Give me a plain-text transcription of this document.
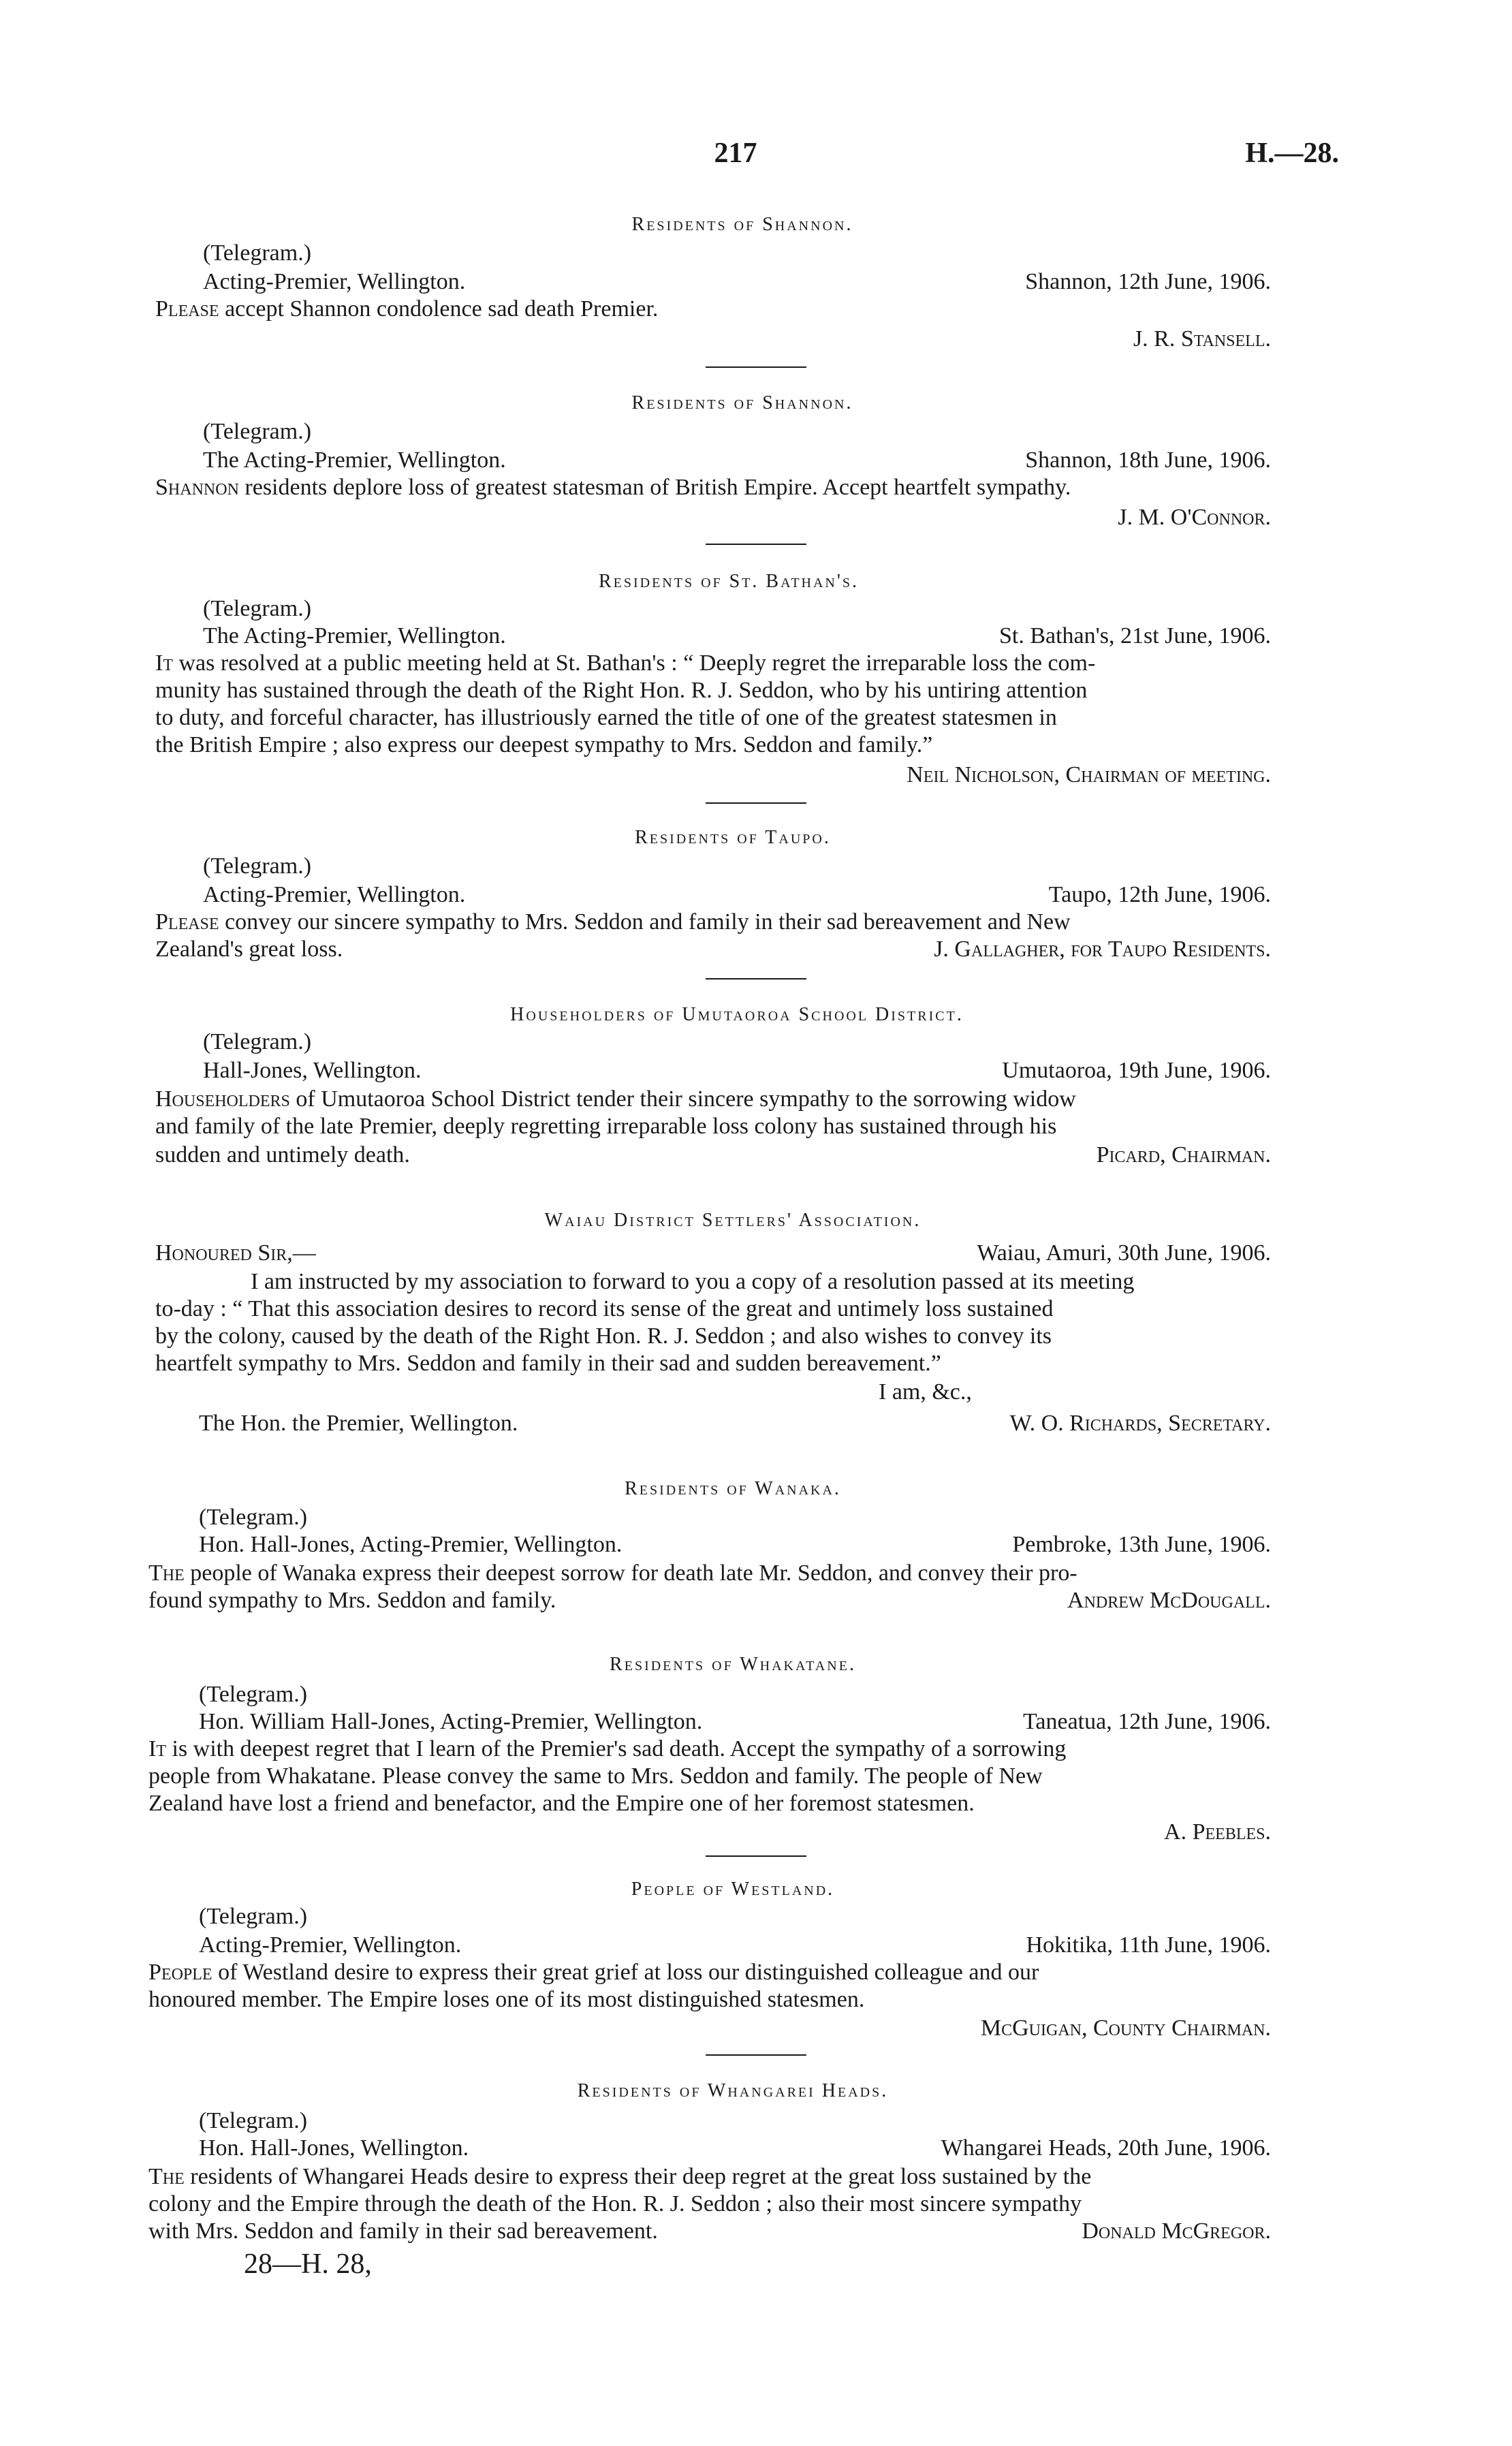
217	H.—28.
Residents of Shannon.
(Telegram.)
Acting-Premier, Wellington.	Shannon, 12th June, 1906.
Please accept Shannon condolence sad death Premier.
J. R. Stansell.
Residents of Shannon.
(Telegram.)
The Acting-Premier, Wellington.	Shannon, 18th June, 1906.
Shannon residents deplore loss of greatest statesman of British Empire. Accept heartfelt sympathy.
J. M. O'Connor.
Residents of St. Bathan's.
(Telegram.)
The Acting-Premier, Wellington.	St. Bathan's, 21st June, 1906.
It was resolved at a public meeting held at St. Bathan's : “ Deeply regret the irreparable loss the com-
munity has sustained through the death of the Right Hon. R. J. Seddon, who by his untiring attention
to duty, and forceful character, has illustriously earned the title of one of the greatest statesmen in
the British Empire ; also express our deepest sympathy to Mrs. Seddon and family.”
Neil Nicholson, Chairman of meeting.
Residents of Taupo.
(Telegram.)
Acting-Premier, Wellington.	Taupo, 12th June, 1906.
Please convey our sincere sympathy to Mrs. Seddon and family in their sad bereavement and New
Zealand's great loss.	J. Gallagher, for Taupo Residents.
Householders of Umutaoroa School District.
(Telegram.)
Hall-Jones, Wellington.	Umutaoroa, 19th June, 1906.
Householders of Umutaoroa School District tender their sincere sympathy to the sorrowing widow
and family of the late Premier, deeply regretting irreparable loss colony has sustained through his
sudden and untimely death.	Picard, Chairman.
Waiau District Settlers' Association.
Honoured Sir,—	Waiau, Amuri, 30th June, 1906.
I am instructed by my association to forward to you a copy of a resolution passed at its meeting
to-day : “ That this association desires to record its sense of the great and untimely loss sustained
by the colony, caused by the death of the Right Hon. R. J. Seddon ; and also wishes to convey its
heartfelt sympathy to Mrs. Seddon and family in their sad and sudden bereavement.”
I am, &c.,
The Hon. the Premier, Wellington.	W. O. Richards, Secretary.
Residents of Wanaka.
(Telegram.)
Hon. Hall-Jones, Acting-Premier, Wellington.	Pembroke, 13th June, 1906.
The people of Wanaka express their deepest sorrow for death late Mr. Seddon, and convey their pro-
found sympathy to Mrs. Seddon and family.	Andrew McDougall.
Residents of Whakatane.
(Telegram.)
Hon. William Hall-Jones, Acting-Premier, Wellington.	Taneatua, 12th June, 1906.
It is with deepest regret that I learn of the Premier's sad death. Accept the sympathy of a sorrowing
people from Whakatane. Please convey the same to Mrs. Seddon and family. The people of New
Zealand have lost a friend and benefactor, and the Empire one of her foremost statesmen.
A. Peebles.
People of Westland.
(Telegram.)
Acting-Premier, Wellington.	Hokitika, 11th June, 1906.
People of Westland desire to express their great grief at loss our distinguished colleague and our
honoured member. The Empire loses one of its most distinguished statesmen.
McGuigan, County Chairman.
Residents of Whangarei Heads.
(Telegram.)
Hon. Hall-Jones, Wellington.	Whangarei Heads, 20th June, 1906.
The residents of Whangarei Heads desire to express their deep regret at the great loss sustained by the
colony and the Empire through the death of the Hon. R. J. Seddon ; also their most sincere sympathy
with Mrs. Seddon and family in their sad bereavement.	Donald McGregor.
28—H. 28,
